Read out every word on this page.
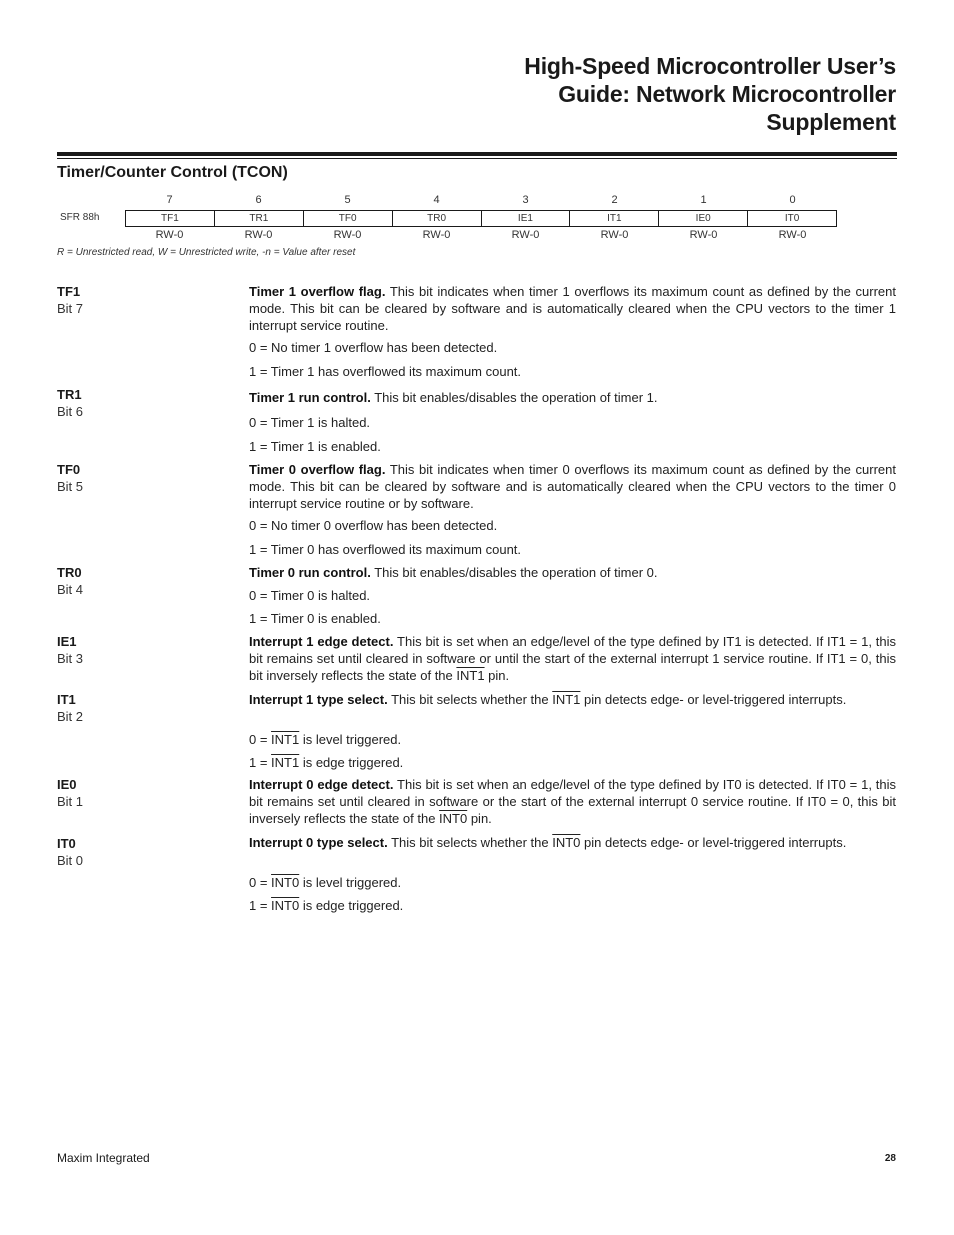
High-Speed Microcontroller User’s
Guide: Network Microcontroller
Supplement
Timer/Counter Control (TCON)
7	6	5	4	3	2	1	0
SFR 88h	TF1	TR1	TF0	TR0	IE1	IT1	IE0	IT0
RW-0	RW-0	RW-0	RW-0	RW-0	RW-0	RW-0	RW-0
R = Unrestricted read, W = Unrestricted write, -n = Value after reset
TF1
Bit 7
Timer 1 overflow flag. This bit indicates when timer 1 overflows its maximum count as defined by the current mode. This bit can be cleared by software and is automatically cleared when the CPU vectors to the timer 1 interrupt service routine.
0 = No timer 1 overflow has been detected.
1 = Timer 1 has overflowed its maximum count.
TR1
Bit 6
Timer 1 run control. This bit enables/disables the operation of timer 1.
0 = Timer 1 is halted.
1 = Timer 1 is enabled.
TF0
Bit 5
Timer 0 overflow flag. This bit indicates when timer 0 overflows its maximum count as defined by the current mode. This bit can be cleared by software and is automatically cleared when the CPU vectors to the timer 0 interrupt service routine or by software.
0 = No timer 0 overflow has been detected.
1 = Timer 0 has overflowed its maximum count.
TR0
Bit 4
Timer 0 run control. This bit enables/disables the operation of timer 0.
0 = Timer 0 is halted.
1 = Timer 0 is enabled.
IE1
Bit 3
Interrupt 1 edge detect. This bit is set when an edge/level of the type defined by IT1 is detected. If IT1 = 1, this bit remains set until cleared in software or until the start of the external interrupt 1 service routine. If IT1 = 0, this bit inversely reflects the state of the INT1 pin.
IT1
Bit 2
Interrupt 1 type select. This bit selects whether the INT1 pin detects edge- or level-triggered interrupts.
0 = INT1 is level triggered.
1 = INT1 is edge triggered.
IE0
Bit 1
Interrupt 0 edge detect. This bit is set when an edge/level of the type defined by IT0 is detected. If IT0 = 1, this bit remains set until cleared in software or the start of the external interrupt 0 service routine. If IT0 = 0, this bit inversely reflects the state of the INT0 pin.
IT0
Bit 0
Interrupt 0 type select. This bit selects whether the INT0 pin detects edge- or level-triggered interrupts.
0 = INT0 is level triggered.
1 = INT0 is edge triggered.
Maxim Integrated	28
